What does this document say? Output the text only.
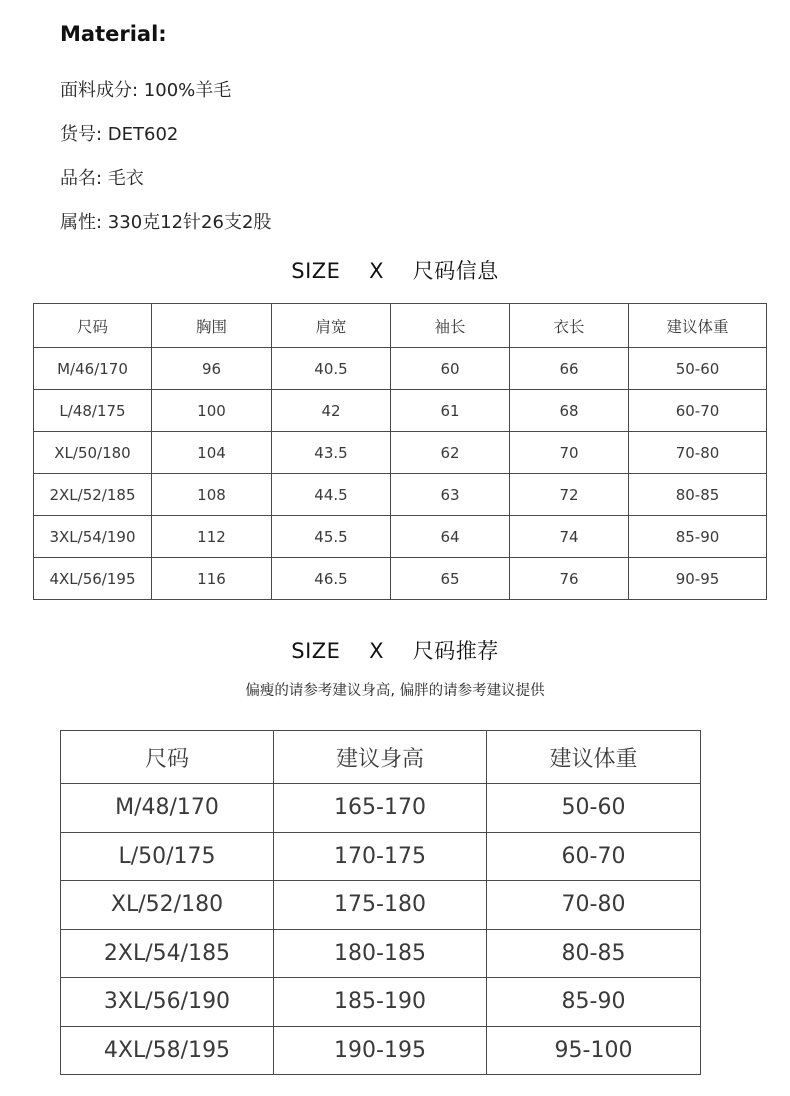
Material:
面料成分: 100%羊毛
货号: DET602
品名: 毛衣
属性: 330克12针26支2股
SIZE X 尺码信息
尺码	胸围	肩宽	袖长	衣长	建议体重
M/46/170	96	40.5	60	66	50-60
L/48/175	100	42	61	68	60-70
XL/50/180	104	43.5	62	70	70-80
2XL/52/185	108	44.5	63	72	80-85
3XL/54/190	112	45.5	64	74	85-90
4XL/56/195	116	46.5	65	76	90-95
SIZE X 尺码推荐
偏瘦的请参考建议身高, 偏胖的请参考建议提供
尺码	建议身高	建议体重
M/48/170	165-170	50-60
L/50/175	170-175	60-70
XL/52/180	175-180	70-80
2XL/54/185	180-185	80-85
3XL/56/190	185-190	85-90
4XL/58/195	190-195	95-100
